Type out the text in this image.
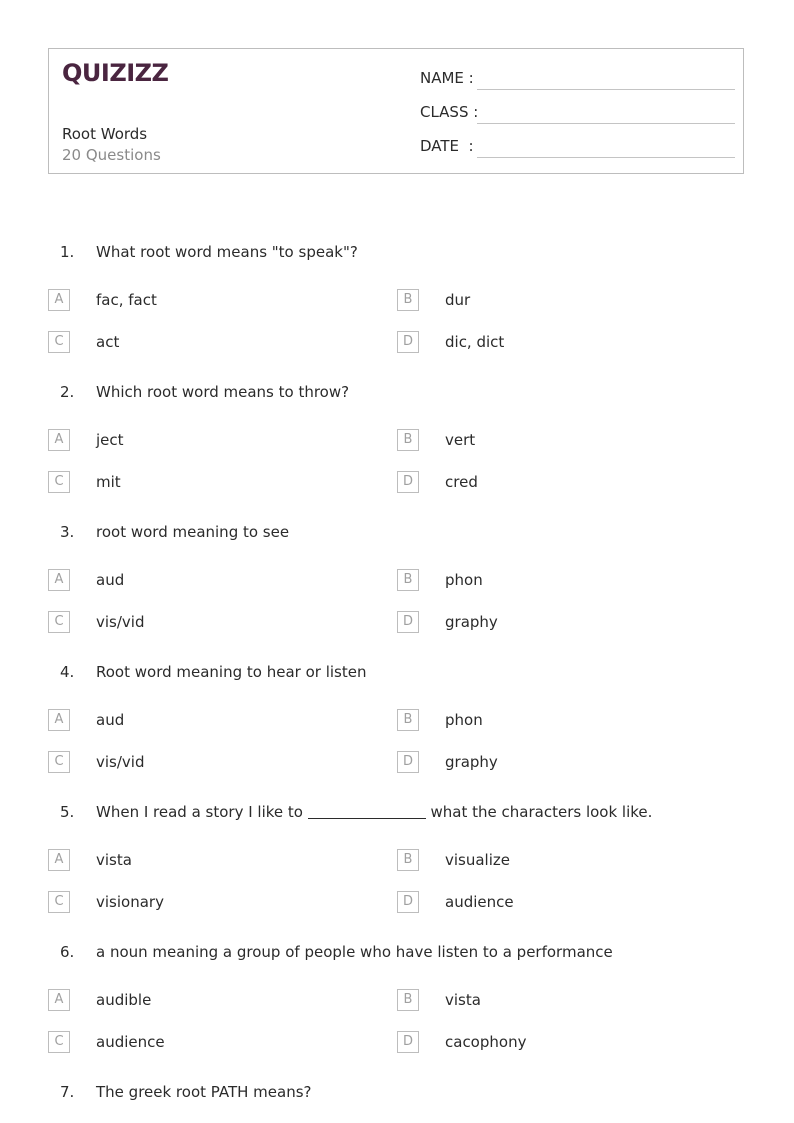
QUIZIZZ
Root Words
20 Questions
NAME :
CLASS :
DATE  :
1. What root word means "to speak"?
A	fac, fact	B	dur
C	act	D	dic, dict
2. Which root word means to throw?
A	ject	B	vert
C	mit	D	cred
3. root word meaning to see
A	aud	B	phon
C	vis/vid	D	graphy
4. Root word meaning to hear or listen
A	aud	B	phon
C	vis/vid	D	graphy
5. When I read a story I like to	what the characters look like.
A	vista	B	visualize
C	visionary	D	audience
6. a noun meaning a group of people who have listen to a performance
A	audible	B	vista
C	audience	D	cacophony
7. The greek root PATH means?
